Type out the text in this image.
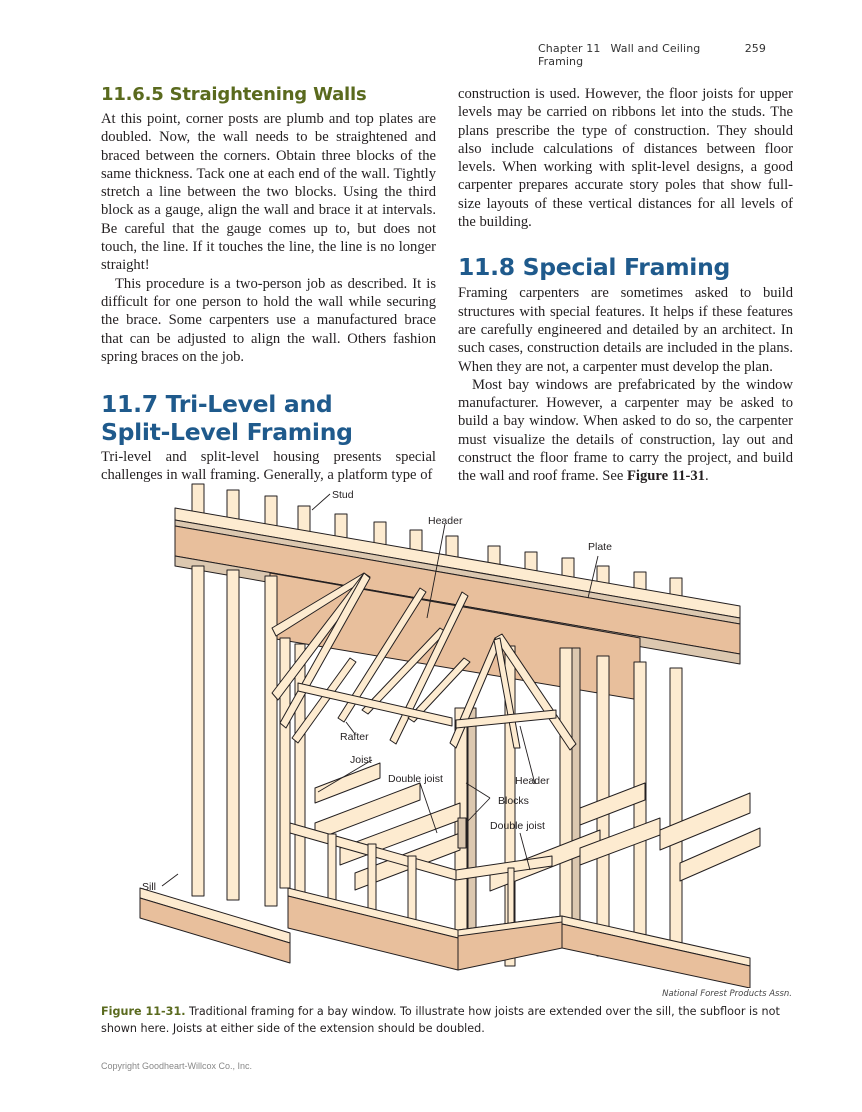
Chapter 11 Wall and Ceiling Framing
259
11.6.5 Straightening Walls

At this point, corner posts are plumb and top plates are doubled. Now, the wall needs to be straightened and braced between the corners. Obtain three blocks of the same thickness. Tack one at each end of the wall. Tightly stretch a line between the two blocks. Using the third block as a gauge, align the wall and brace it at intervals. Be careful that the gauge comes up to, but does not touch, the line. If it touches the line, the line is no longer straight!

This procedure is a two-person job as described. It is difficult for one person to hold the wall while securing the brace. Some carpenters use a manufactured brace that can be adjusted to align the wall. Others fashion spring braces on the job.

11.7 Tri-Level and
Split-Level Framing

Tri-level and split-level housing presents special challenges in wall framing. Generally, a platform type of

construction is used. However, the floor joists for upper levels may be carried on ribbons let into the studs. The plans prescribe the type of construction. They should also include calculations of distances between floor levels. When working with split-level designs, a good carpenter prepares accurate story poles that show full-size layouts of these vertical distances for all levels of the building.

11.8 Special Framing

Framing carpenters are sometimes asked to build structures with special features. It helps if these features are carefully engineered and detailed by an architect. In such cases, construction details are included in the plans. When they are not, a carpenter must develop the plan.

Most bay windows are prefabricated by the window manufacturer. However, a carpenter may be asked to build a bay window. When asked to do so, the carpenter must visualize the details of construction, lay out and construct the floor frame to carry the project, and build the wall and roof frame. See Figure 11-31.

Stud
Header
Plate
Rafter
Joist
Double joist	Header
Blocks
Double joist
Sill
National Forest Products Assn.
Figure 11-31. Traditional framing for a bay window. To illustrate how joists are extended over the sill, the subfloor is not shown here. Joists at either side of the extension should be doubled.
Copyright Goodheart-Willcox Co., Inc.
